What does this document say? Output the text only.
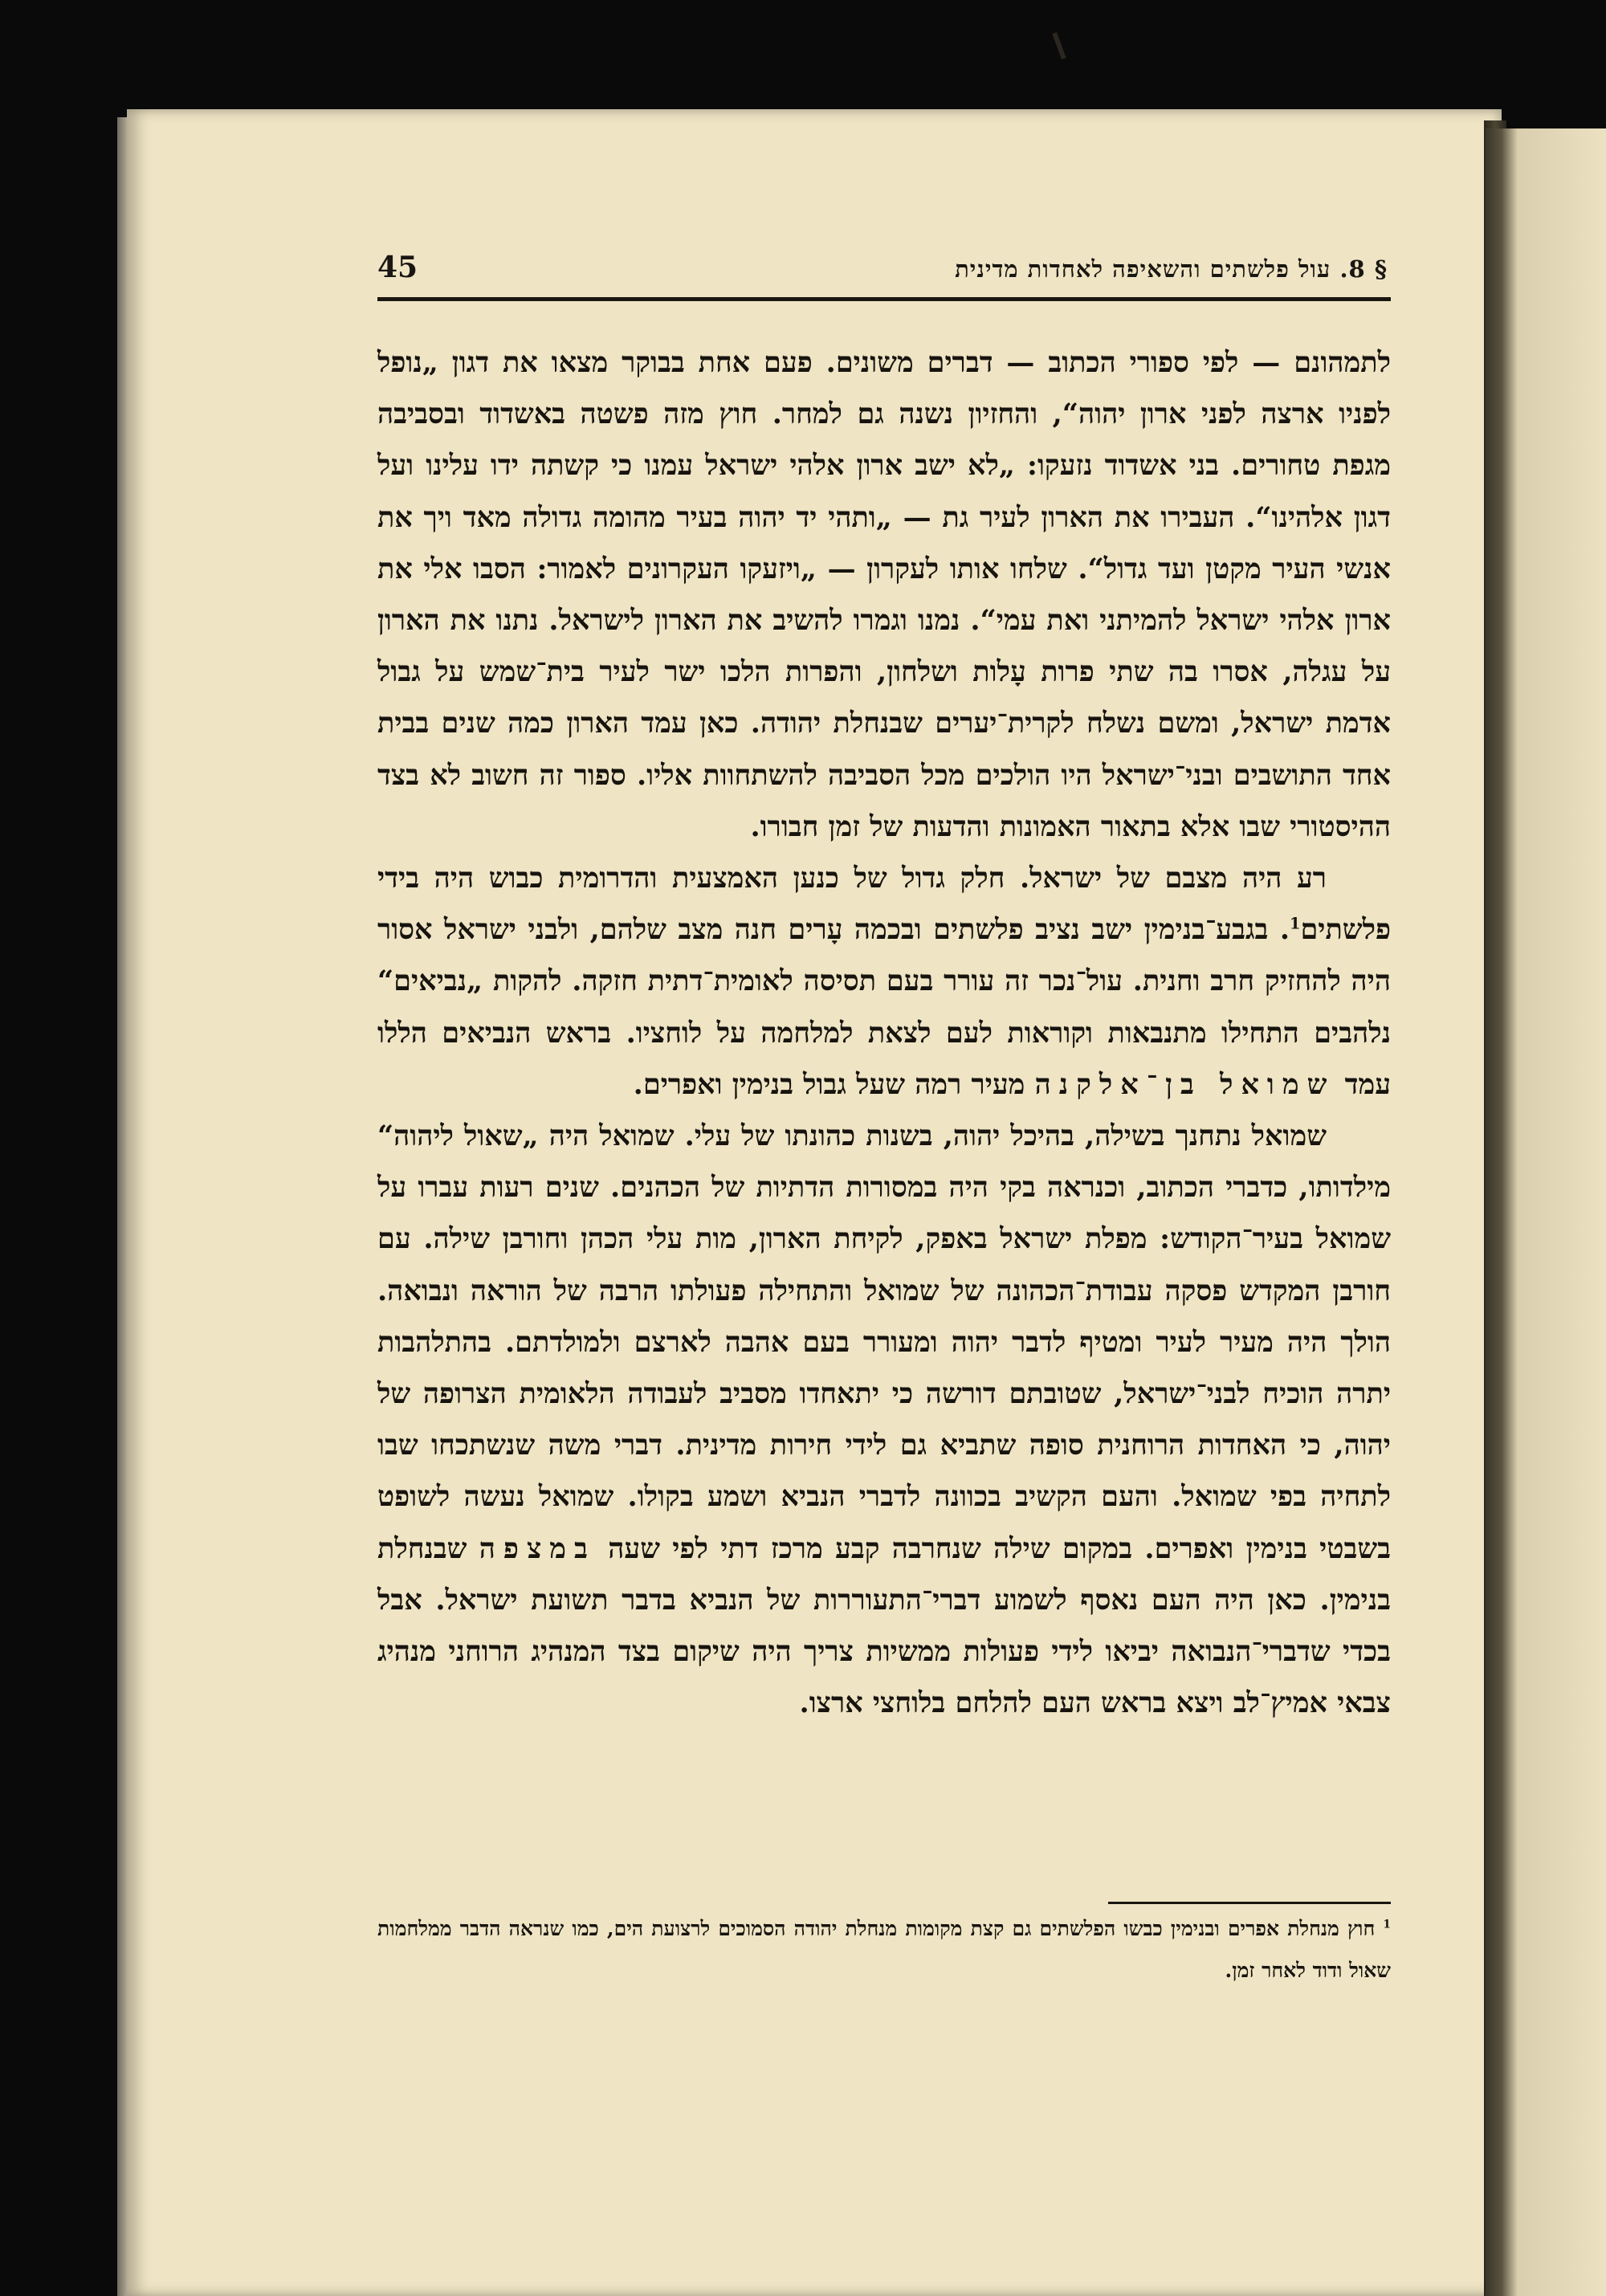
45	§ 8. עול פלשתים והשאיפה לאחדות מדינית

לתמהונם — לפי ספורי הכתוב — דברים משונים. פעם אחת בבוקר מצאו את דגון „נופל לפניו ארצה לפני ארון יהוה“, והחזיון נשנה גם למחר. חוץ מזה פשטה באשדוד ובסביבה מגפת טחורים. בני אשדוד נזעקו: „לא ישב ארון אלהי ישראל עמנו כי קשתה ידו עלינו ועל דגון אלהינו“. העבירו את הארון לעיר גת — „ותהי יד יהוה בעיר מהומה גדולה מאד ויך את אנשי העיר מקטן ועד גדול“. שלחו אותו לעקרון — „ויזעקו העקרונים לאמור: הסבו אלי את ארון אלהי ישראל להמיתני ואת עמי“. נמנו וגמרו להשיב את הארון לישראל. נתנו את הארון על עגלה, אסרו בה שתי פרות עָלות ושלחון, והפרות הלכו ישר לעיר בית־שמש על גבול אדמת ישראל, ומשם נשלח לקרית־יערים שבנחלת יהודה. כאן עמד הארון כמה שנים בבית אחד התושבים ובני־ישראל היו הולכים מכל הסביבה להשתחוות אליו. ספור זה חשוב לא בצד ההיסטורי שבו אלא בתאור האמונות והדעות של זמן חבורו.

רע היה מצבם של ישראל. חלק גדול של כנען האמצעית והדרומית כבוש היה בידי פלשתים$^1$. בגבע־בנימין ישב נציב פלשתים ובכמה עָרים חנה מצב שלהם, ולבני ישראל אסור היה להחזיק חרב וחנית. עול־נכר זה עורר בעם תסיסה לאומית־דתית חזקה. להקות „נביאים“ נלהבים התחילו מתנבאות וקוראות לעם לצאת למלחמה על לוחציו. בראש הנביאים הללו עמד שמואל בן־אלקנה מעיר רמה שעל גבול בנימין ואפרים.

שמואל נתחנך בשילה, בהיכל יהוה, בשנות כהונתו של עלי. שמואל היה „שאול ליהוה“ מילדותו, כדברי הכתוב, וכנראה בקי היה במסורות הדתיות של הכהנים. שנים רעות עברו על שמואל בעיר־הקודש: מפלת ישראל באפק, לקיחת הארון, מות עלי הכהן וחורבן שילה. עם חורבן המקדש פסקה עבודת־הכהונה של שמואל והתחילה פעולתו הרבה של הוראה ונבואה. הולך היה מעיר לעיר ומטיף לדבר יהוה ומעורר בעם אהבה לארצם ולמולדתם. בהתלהבות יתרה הוכיח לבני־ישראל, שטובתם דורשה כי יתאחדו מסביב לעבודה הלאומית הצרופה של יהוה, כי האחדות הרוחנית סופה שתביא גם לידי חירות מדינית. דברי משה שנשתכחו שבו לתחיה בפי שמואל. והעם הקשיב בכוונה לדברי הנביא ושמע בקולו. שמואל נעשה לשופט בשבטי בנימין ואפרים. במקום שילה שנחרבה קבע מרכז דתי לפי שעה במצפה שבנחלת בנימין. כאן היה העם נאסף לשמוע דברי־התעוררות של הנביא בדבר תשועת ישראל. אבל בכדי שדברי־הנבואה יביאו לידי פעולות ממשיות צריך היה שיקום בצד המנהיג הרוחני מנהיג צבאי אמיץ־לב ויצא בראש העם להלחם בלוחצי ארצו.

$^1$ חוץ מנחלת אפרים ובנימין כבשו הפלשתים גם קצת מקומות מנחלת יהודה הסמוכים לרצועת הים, כמו שנראה הדבר ממלחמות שאול ודוד לאחר זמן.
